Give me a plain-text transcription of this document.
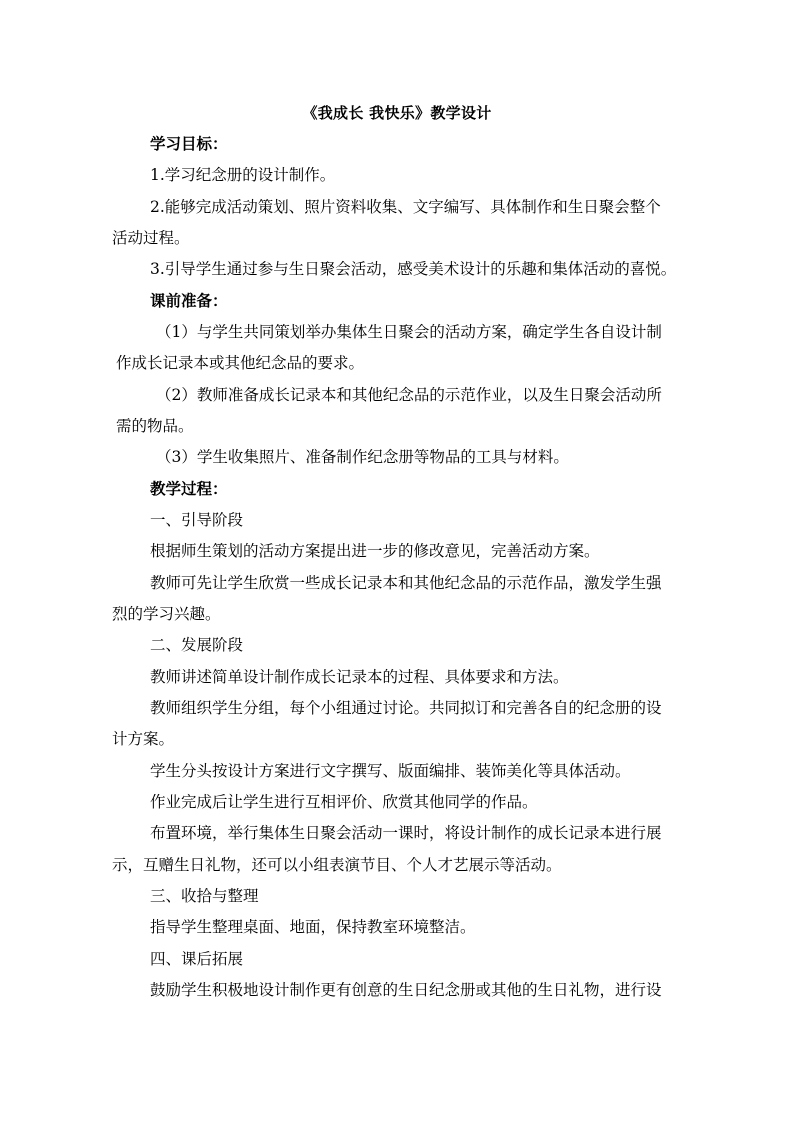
《我成长 我快乐》教学设计
学习目标：
1.学习纪念册的设计制作。
2.能够完成活动策划、照片资料收集、文字编写、具体制作和生日聚会整个
活动过程。
3.引导学生通过参与生日聚会活动，感受美术设计的乐趣和集体活动的喜悦。
课前准备：
（1）与学生共同策划举办集体生日聚会的活动方案，确定学生各自设计制
作成长记录本或其他纪念品的要求。
（2）教师准备成长记录本和其他纪念品的示范作业，以及生日聚会活动所
需的物品。
（3）学生收集照片、准备制作纪念册等物品的工具与材料。
教学过程：
一、引导阶段
根据师生策划的活动方案提出进一步的修改意见，完善活动方案。
教师可先让学生欣赏一些成长记录本和其他纪念品的示范作品，激发学生强
烈的学习兴趣。
二、发展阶段
教师讲述简单设计制作成长记录本的过程、具体要求和方法。
教师组织学生分组，每个小组通过讨论。共同拟订和完善各自的纪念册的设
计方案。
学生分头按设计方案进行文字撰写、版面编排、装饰美化等具体活动。
作业完成后让学生进行互相评价、欣赏其他同学的作品。
布置环境，举行集体生日聚会活动一课时，将设计制作的成长记录本进行展
示，互赠生日礼物，还可以小组表演节目、个人才艺展示等活动。
三、收拾与整理
指导学生整理桌面、地面，保持教室环境整洁。
四、课后拓展
鼓励学生积极地设计制作更有创意的生日纪念册或其他的生日礼物，进行设
